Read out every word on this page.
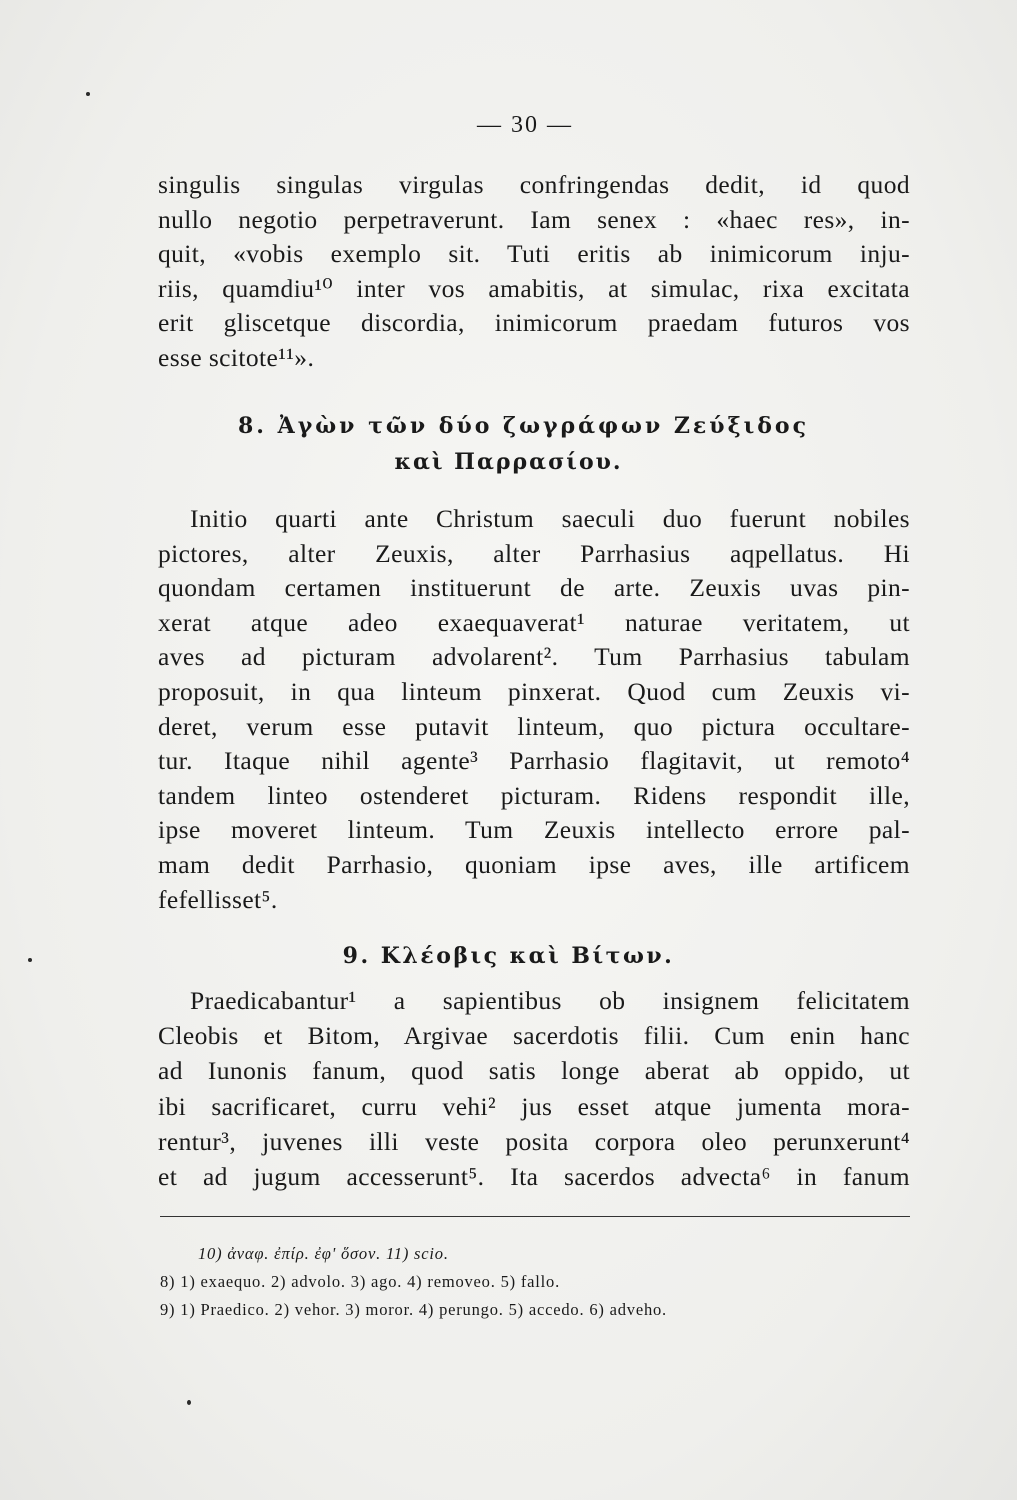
— 30 —
singulis singulas virgulas confringendas dedit, id quod
nullo negotio perpetraverunt. Iam senex : «haec res», in-
quit, «vobis exemplo sit. Tuti eritis ab inimicorum inju-
riis, quamdiu¹⁰ inter vos amabitis, at simulac, rixa excitata
erit gliscetque discordia, inimicorum praedam futuros vos
esse scitote¹¹».
8. Ἀγὼν τῶν δύο ζωγράφων Ζεύξιδος
καὶ Παρρασίου.
Initio quarti ante Christum saeculi duo fuerunt nobiles
pictores, alter Zeuxis, alter Parrhasius aqpellatus. Hi
quondam certamen instituerunt de arte. Zeuxis uvas pin-
xerat atque adeo exaequaverat¹ naturae veritatem, ut
aves ad picturam advolarent². Tum Parrhasius tabulam
proposuit, in qua linteum pinxerat. Quod cum Zeuxis vi-
deret, verum esse putavit linteum, quo pictura occultare-
tur. Itaque nihil agente³ Parrhasio flagitavit, ut remoto⁴
tandem linteo ostenderet picturam. Ridens respondit ille,
ipse moveret linteum. Tum Zeuxis intellecto errore pal-
mam dedit Parrhasio, quoniam ipse aves, ille artificem
fefellisset⁵.
9. Κλέοβις καὶ Βίτων.
Praedicabantur¹ a sapientibus ob insignem felicitatem
Cleobis et Bitom, Argivae sacerdotis filii. Cum enin hanc
ad Iunonis fanum, quod satis longe aberat ab oppido, ut
ibi sacrificaret, curru vehi² jus esset atque jumenta mora-
rentur³, juvenes illi veste posita corpora oleo perunxerunt⁴
et ad jugum accesserunt⁵. Ita sacerdos advecta⁶ in fanum
10) ἀναφ. ἐπίρ. ἐφ' ὅσον. 11) scio.
8) 1) exaequo. 2) advolo. 3) ago. 4) removeo. 5) fallo.
9) 1) Praedico. 2) vehor. 3) moror. 4) perungo. 5) accedo. 6) adveho.
